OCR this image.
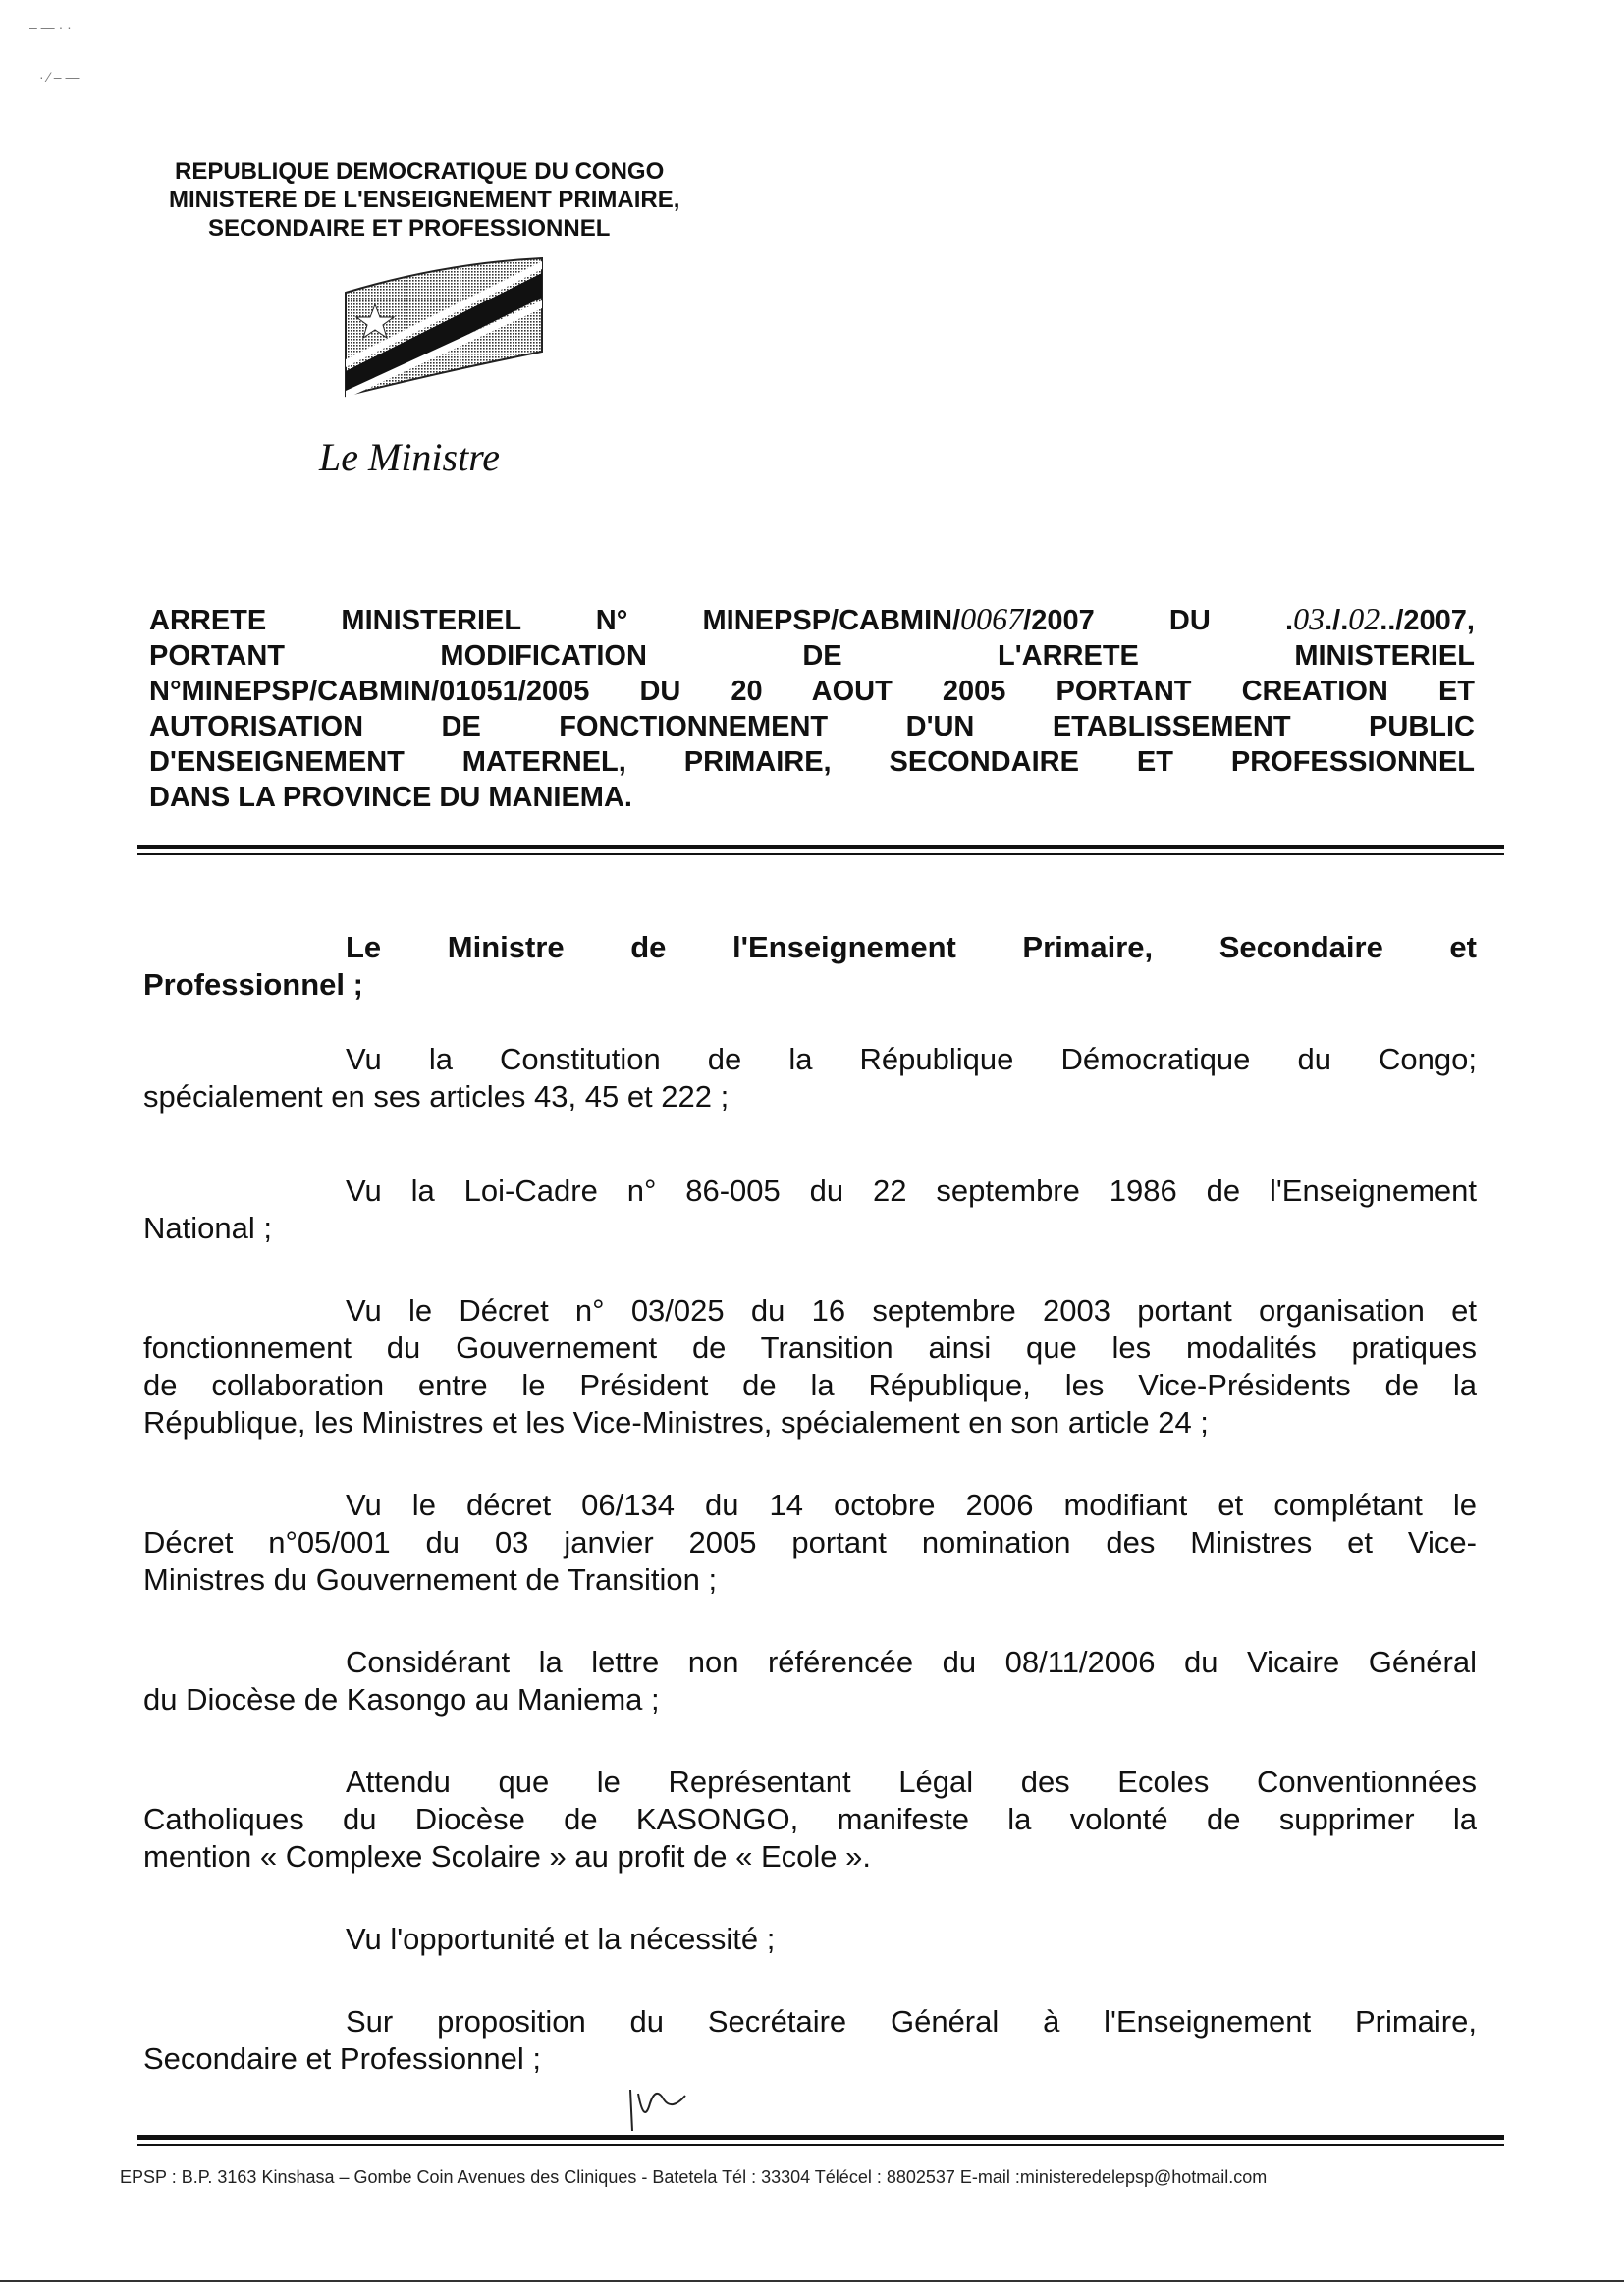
– — · ·
· ⁄ – —
REPUBLIQUE DEMOCRATIQUE DU CONGO
MINISTERE DE L'ENSEIGNEMENT PRIMAIRE,
SECONDAIRE ET PROFESSIONNEL
Le Ministre
ARRETE MINISTERIEL N° MINEPSP/CABMIN/0067/2007 DU .03./.02../2007,
PORTANT MODIFICATION DE L'ARRETE MINISTERIEL
N°MINEPSP/CABMIN/01051/2005 DU 20 AOUT 2005 PORTANT CREATION ET
AUTORISATION DE FONCTIONNEMENT D'UN ETABLISSEMENT PUBLIC
D'ENSEIGNEMENT MATERNEL, PRIMAIRE, SECONDAIRE ET PROFESSIONNEL
DANS LA PROVINCE DU MANIEMA.
Le Ministre de l'Enseignement Primaire, Secondaire et
Professionnel ;
Vu la Constitution de la République Démocratique du Congo;
spécialement en ses articles 43, 45 et 222 ;
Vu la Loi-Cadre n° 86-005 du 22 septembre 1986 de l'Enseignement
National ;
Vu le Décret n° 03/025 du 16 septembre 2003 portant organisation et
fonctionnement du Gouvernement de Transition ainsi que les modalités pratiques
de collaboration entre le Président de la République, les Vice-Présidents de la
République, les Ministres et les Vice-Ministres, spécialement en son article 24 ;
Vu le décret 06/134 du 14 octobre 2006 modifiant et complétant le
Décret n°05/001 du 03 janvier 2005 portant nomination des Ministres et Vice-
Ministres du Gouvernement de Transition ;
Considérant la lettre non référencée du 08/11/2006 du Vicaire Général
du Diocèse de Kasongo au Maniema ;
Attendu que le Représentant Légal des Ecoles Conventionnées
Catholiques du Diocèse de KASONGO, manifeste la volonté de supprimer la
mention « Complexe Scolaire » au profit de « Ecole ».
Vu l'opportunité et la nécessité ;
Sur proposition du Secrétaire Général à l'Enseignement Primaire,
Secondaire et Professionnel ;
EPSP : B.P. 3163 Kinshasa – Gombe Coin Avenues des Cliniques - Batetela Tél : 33304 Télécel : 8802537 E-mail :ministeredelepsp@hotmail.com
